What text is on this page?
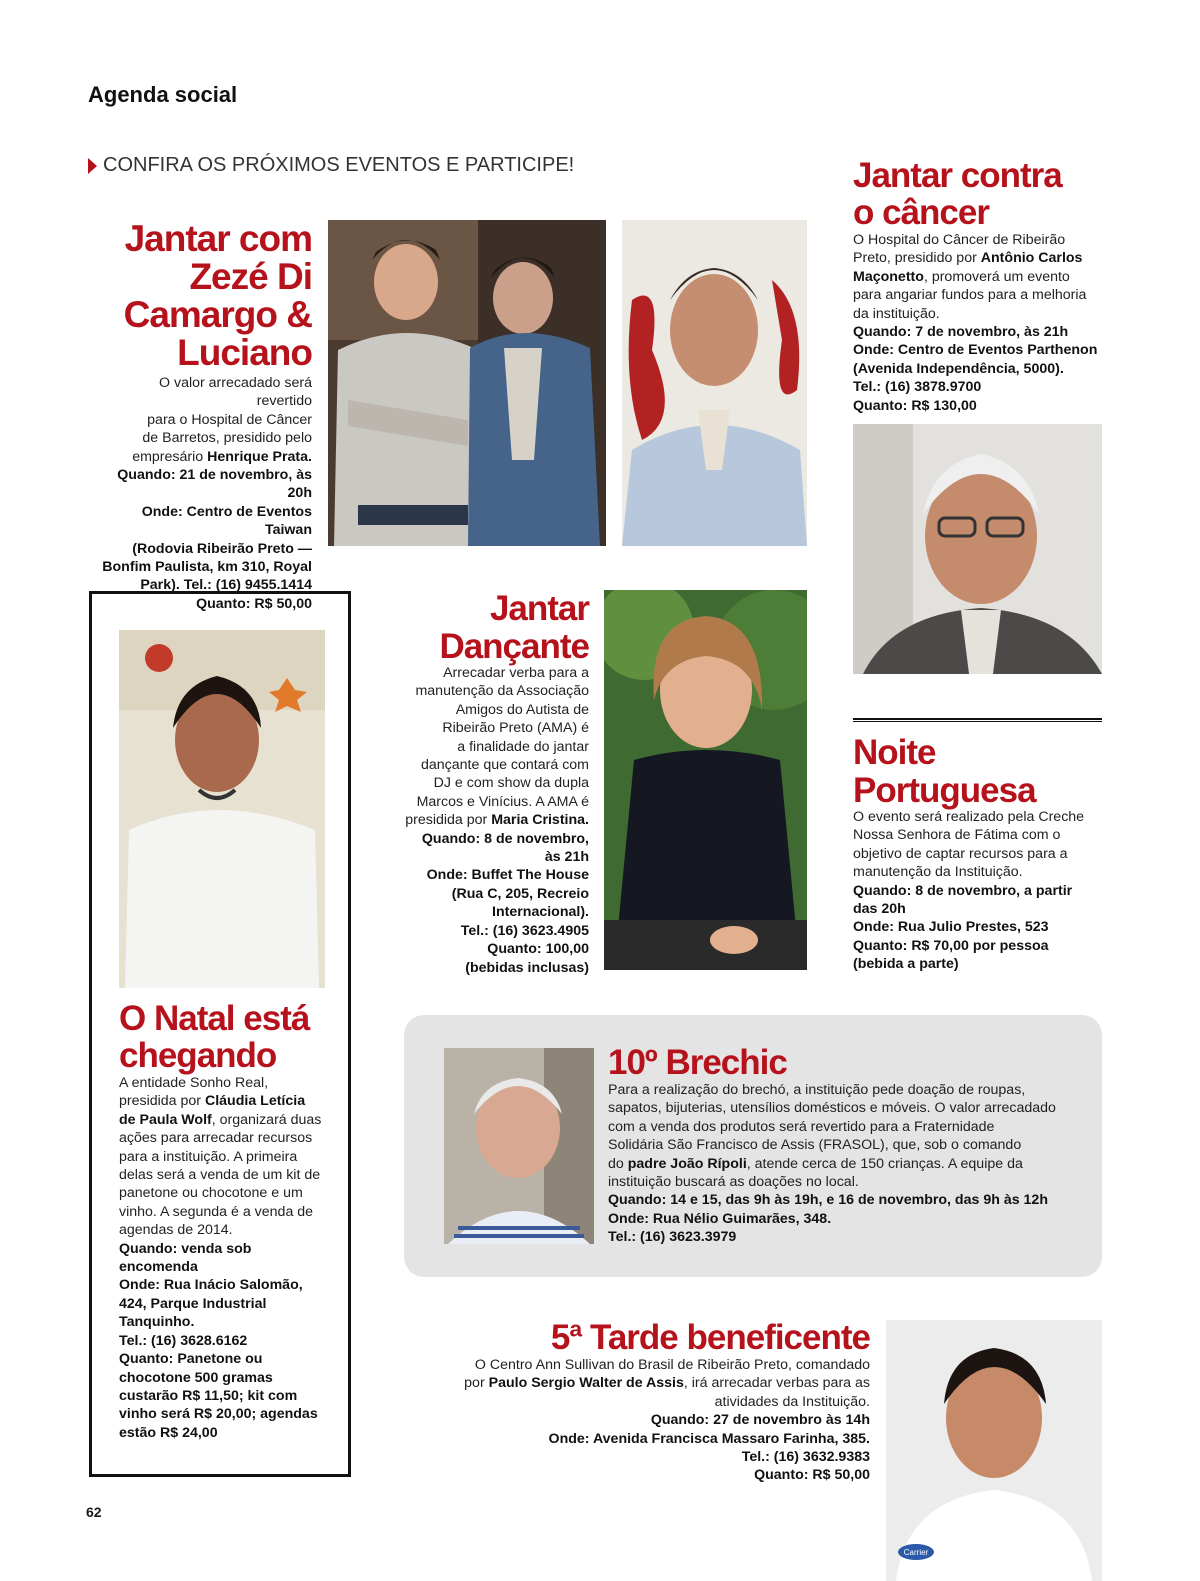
Agenda social
CONFIRA OS PRÓXIMOS EVENTOS E PARTICIPE!
Jantar com
Zezé Di
Camargo &
Luciano
O valor arrecadado será revertido
para o Hospital de Câncer
de Barretos, presidido pelo
empresário Henrique Prata.
Quando: 21 de novembro, às 20h
Onde: Centro de Eventos Taiwan
(Rodovia Ribeirão Preto —
Bonfim Paulista, km 310, Royal
Park). Tel.: (16) 9455.1414
Quanto: R$ 50,00
Jantar contra
o câncer
O Hospital do Câncer de Ribeirão
Preto, presidido por Antônio Carlos
Maçonetto, promoverá um evento
para angariar fundos para a melhoria
da instituição.
Quando: 7 de novembro, às 21h
Onde: Centro de Eventos Parthenon
(Avenida Independência, 5000).
Tel.: (16) 3878.9700
Quanto: R$ 130,00
O Natal está
chegando
A entidade Sonho Real,
presidida por Cláudia Letícia
de Paula Wolf, organizará duas
ações para arrecadar recursos
para a instituição. A primeira
delas será a venda de um kit de
panetone ou chocotone e um
vinho. A segunda é a venda de
agendas de 2014.
Quando: venda sob
encomenda
Onde: Rua Inácio Salomão,
424, Parque Industrial
Tanquinho.
Tel.: (16) 3628.6162
Quanto: Panetone ou
chocotone 500 gramas
custarão R$ 11,50; kit com
vinho será R$ 20,00; agendas
estão R$ 24,00
Jantar
Dançante
Arrecadar verba para a
manutenção da Associação
Amigos do Autista de
Ribeirão Preto (AMA) é
a finalidade do jantar
dançante que contará com
DJ e com show da dupla
Marcos e Vinícius. A AMA é
presidida por Maria Cristina.
Quando: 8 de novembro,
às 21h
Onde: Buffet The House
(Rua C, 205, Recreio
Internacional).
Tel.: (16) 3623.4905
Quanto: 100,00
(bebidas inclusas)
Noite
Portuguesa
O evento será realizado pela Creche
Nossa Senhora de Fátima com o
objetivo de captar recursos para a
manutenção da Instituição.
Quando: 8 de novembro, a partir
das 20h
Onde: Rua Julio Prestes, 523
Quanto: R$ 70,00 por pessoa
(bebida a parte)
10º Brechic
Para a realização do brechó, a instituição pede doação de roupas,
sapatos, bijuterias, utensílios domésticos e móveis. O valor arrecadado
com a venda dos produtos será revertido para a Fraternidade
Solidária São Francisco de Assis (FRASOL), que, sob o comando
do padre João Rípoli, atende cerca de 150 crianças. A equipe da
instituição buscará as doações no local.
Quando: 14 e 15, das 9h às 19h, e 16 de novembro, das 9h às 12h
Onde: Rua Nélio Guimarães, 348.
Tel.: (16) 3623.3979
5ª Tarde beneficente
O Centro Ann Sullivan do Brasil de Ribeirão Preto, comandado
por Paulo Sergio Walter de Assis, irá arrecadar verbas para as
atividades da Instituição.
Quando: 27 de novembro às 14h
Onde: Avenida Francisca Massaro Farinha, 385.
Tel.: (16) 3632.9383
Quanto: R$ 50,00
Carrier
62
